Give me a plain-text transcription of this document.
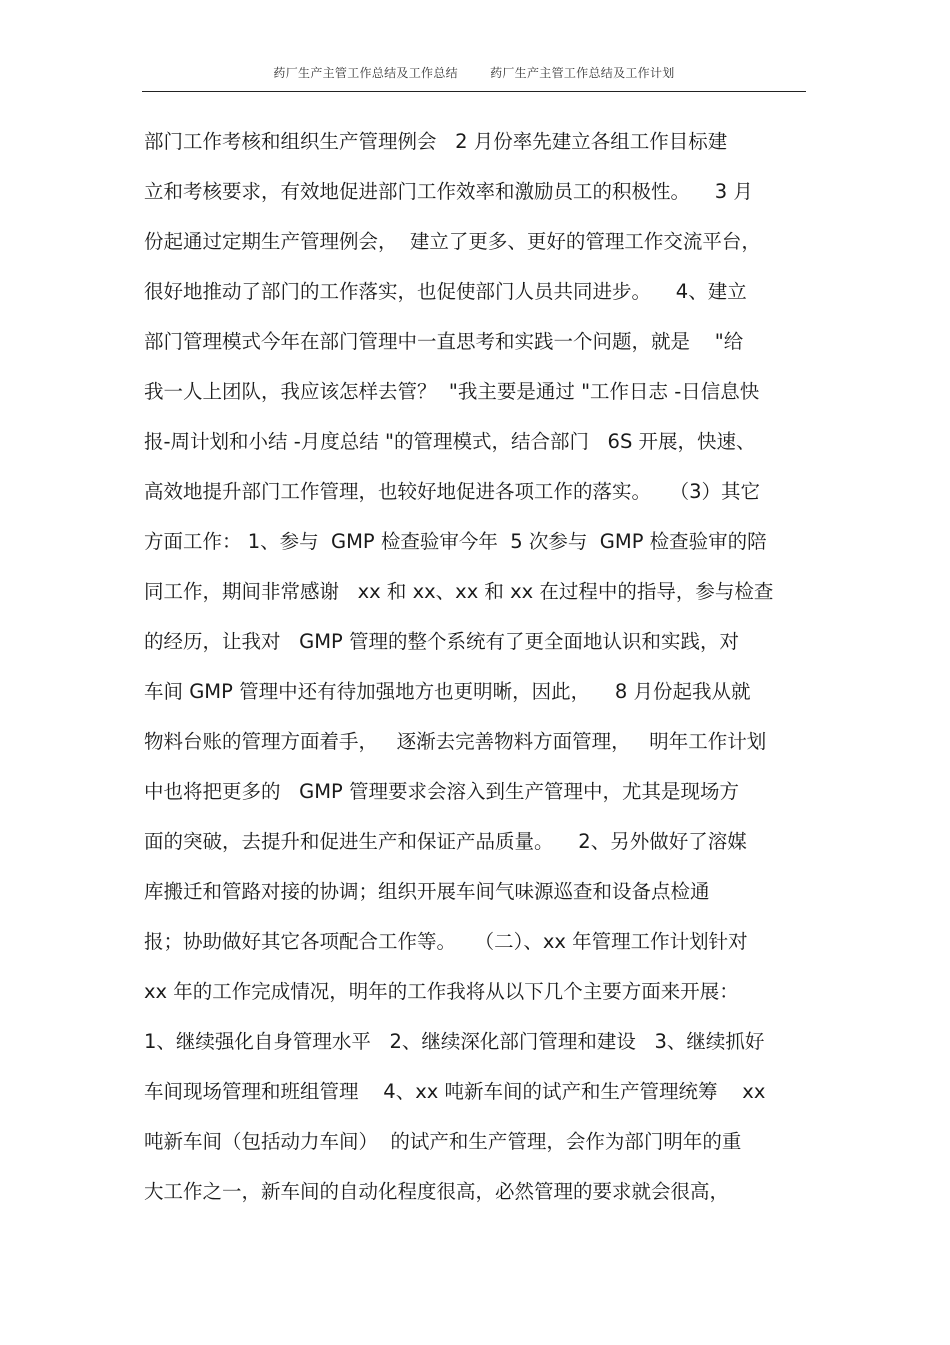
药厂生产主管工作总结及工作总结	药厂生产主管工作总结及工作计划
部门工作考核和组织生产管理例会   2 月份率先建立各组工作目标建
立和考核要求，有效地促进部门工作效率和激励员工的积极性。    3 月
份起通过定期生产管理例会，  建立了更多、更好的管理工作交流平台，
很好地推动了部门的工作落实，也促使部门人员共同进步。    4、建立
部门管理模式今年在部门管理中一直思考和实践一个问题，就是    "给
我一人上团队，我应该怎样去管？  "我主要是通过 "工作日志 -日信息快
报-周计划和小结 -月度总结 "的管理模式，结合部门   6S 开展，快速、
高效地提升部门工作管理，也较好地促进各项工作的落实。   （3）其它
方面工作： 1、参与  GMP 检查验审今年  5 次参与  GMP 检查验审的陪
同工作，期间非常感谢   xx 和 xx、xx 和 xx 在过程中的指导，参与检查
的经历，让我对   GMP 管理的整个系统有了更全面地认识和实践，对
车间 GMP 管理中还有待加强地方也更明晰，因此，    8 月份起我从就
物料台账的管理方面着手，   逐渐去完善物料方面管理，   明年工作计划
中也将把更多的   GMP 管理要求会溶入到生产管理中，尤其是现场方
面的突破，去提升和促进生产和保证产品质量。    2、另外做好了溶媒
库搬迁和管路对接的协调；组织开展车间气味源巡查和设备点检通
报；协助做好其它各项配合工作等。   （二）、xx 年管理工作计划针对
xx 年的工作完成情况，明年的工作我将从以下几个主要方面来开展：
1、继续强化自身管理水平   2、继续深化部门管理和建设   3、继续抓好
车间现场管理和班组管理    4、xx 吨新车间的试产和生产管理统筹    xx
吨新车间（包括动力车间）  的试产和生产管理，会作为部门明年的重
大工作之一，新车间的自动化程度很高，必然管理的要求就会很高，
